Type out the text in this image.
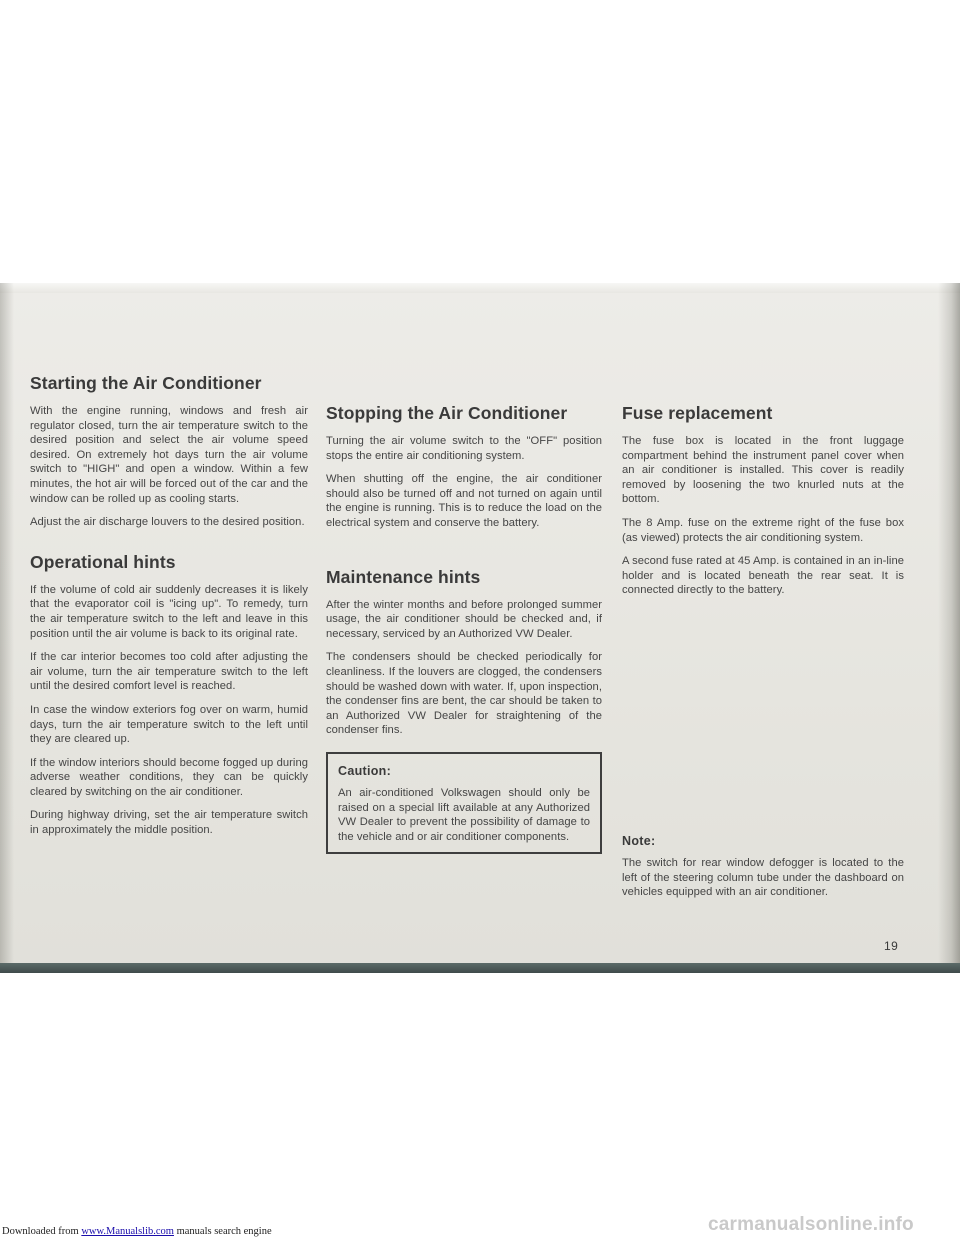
Starting the Air Conditioner

With the engine running, windows and fresh air regulator closed, turn the air temperature switch to the desired position and select the air volume speed desired. On extremely hot days turn the air volume switch to "HIGH" and open a window. Within a few minutes, the hot air will be forced out of the car and the window can be rolled up as cooling starts.

Adjust the air discharge louvers to the desired position.

Operational hints

If the volume of cold air suddenly decreases it is likely that the evaporator coil is "icing up". To remedy, turn the air temperature switch to the left and leave in this position until the air volume is back to its original rate.

If the car interior becomes too cold after adjusting the air volume, turn the air temperature switch to the left until the desired comfort level is reached.

In case the window exteriors fog over on warm, humid days, turn the air temperature switch to the left until they are cleared up.

If the window interiors should become fogged up during adverse weather conditions, they can be quickly cleared by switching on the air conditioner.

During highway driving, set the air temperature switch in approximately the middle position.

Stopping the Air Conditioner

Turning the air volume switch to the "OFF" position stops the entire air conditioning system.

When shutting off the engine, the air conditioner should also be turned off and not turned on again until the engine is running. This is to reduce the load on the electrical system and conserve the battery.

Maintenance hints

After the winter months and before prolonged summer usage, the air conditioner should be checked and, if necessary, serviced by an Authorized VW Dealer.

The condensers should be checked periodically for cleanliness. If the louvers are clogged, the condensers should be washed down with water. If, upon inspection, the condenser fins are bent, the car should be taken to an Authorized VW Dealer for straightening of the condenser fins.

Caution:

An air-conditioned Volkswagen should only be raised on a special lift available at any Authorized VW Dealer to prevent the possibility of damage to the vehicle and or air conditioner components.

Fuse replacement

The fuse box is located in the front luggage compartment behind the instrument panel cover when an air conditioner is installed. This cover is readily removed by loosening the two knurled nuts at the bottom.

The 8 Amp. fuse on the extreme right of the fuse box (as viewed) protects the air conditioning system.

A second fuse rated at 45 Amp. is contained in an in-line holder and is located beneath the rear seat. It is connected directly to the battery.

Note:

The switch for rear window defogger is located to the left of the steering column tube under the dashboard on vehicles equipped with an air conditioner.

19
Downloaded from www.Manualslib.com manuals search engine	carmanualsonline.info
